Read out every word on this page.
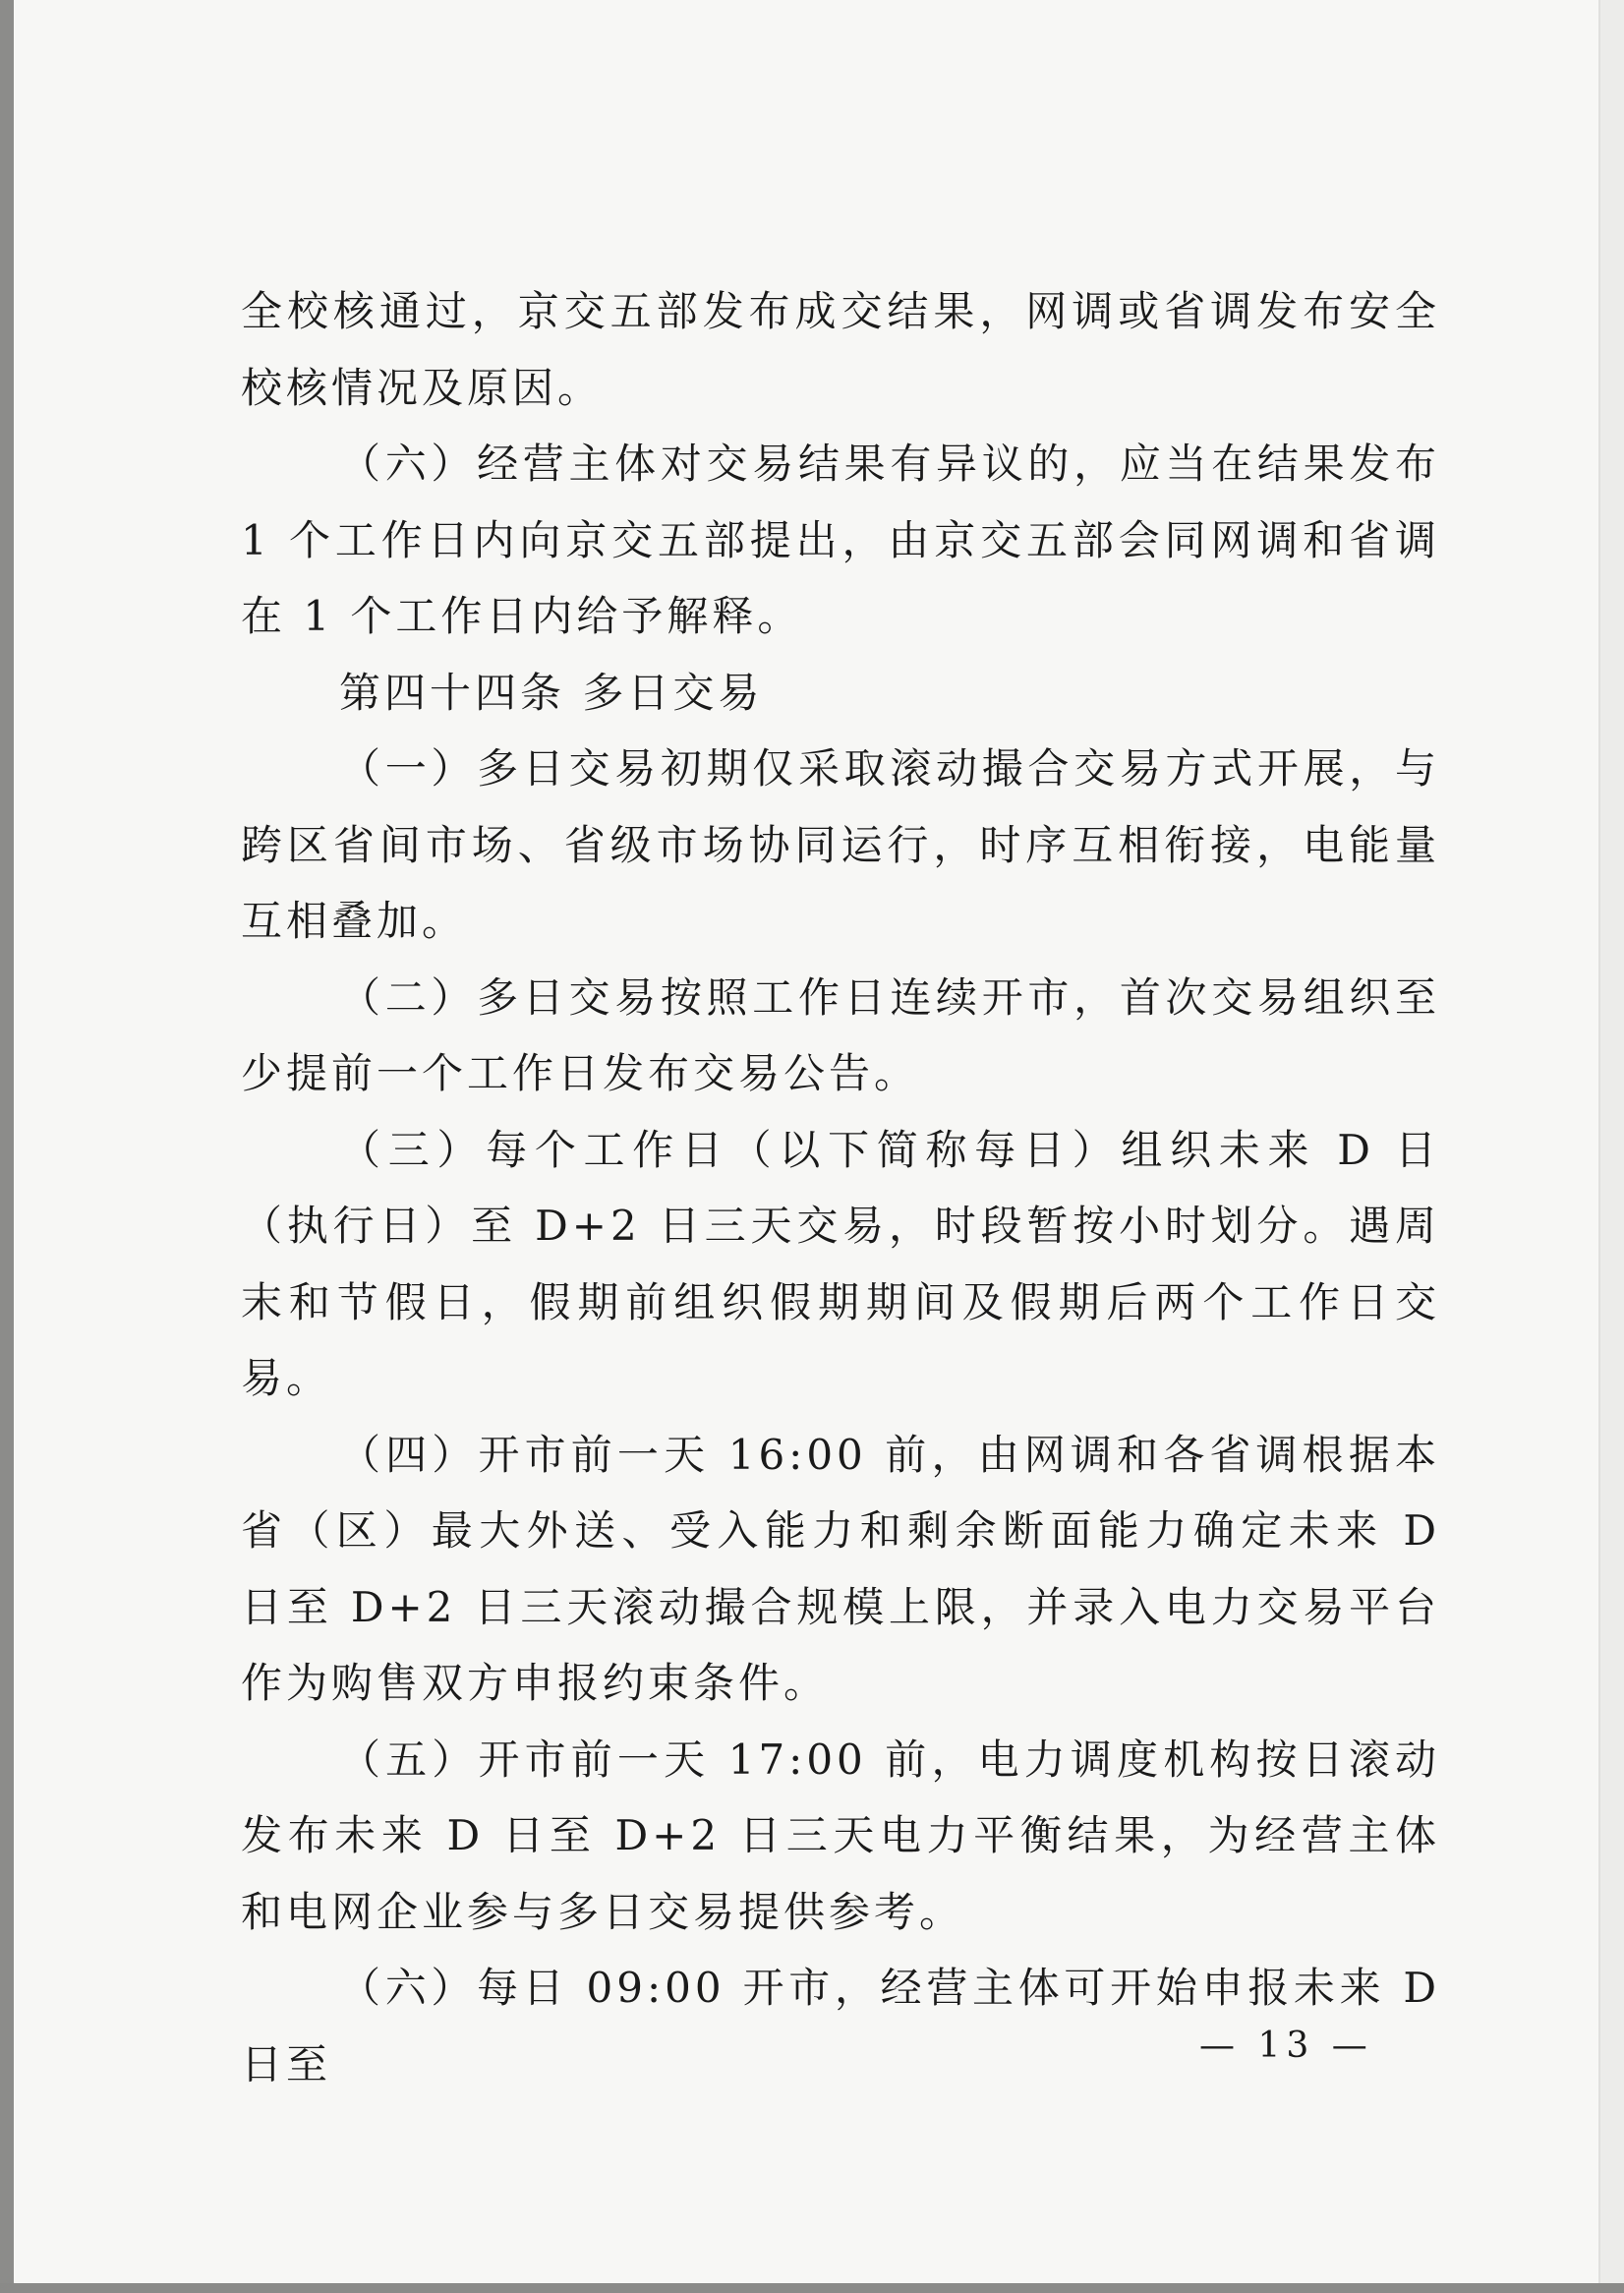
全校核通过，京交五部发布成交结果，网调或省调发布安全校核情况及原因。

（六）经营主体对交易结果有异议的，应当在结果发布 1 个工作日内向京交五部提出，由京交五部会同网调和省调在 1 个工作日内给予解释。

第四十四条 多日交易

（一）多日交易初期仅采取滚动撮合交易方式开展，与跨区省间市场、省级市场协同运行，时序互相衔接，电能量互相叠加。

（二）多日交易按照工作日连续开市，首次交易组织至少提前一个工作日发布交易公告。

（三）每个工作日（以下简称每日）组织未来 D 日（执行日）至 D+2 日三天交易，时段暂按小时划分。遇周末和节假日，假期前组织假期期间及假期后两个工作日交易。

（四）开市前一天 16:00 前，由网调和各省调根据本省（区）最大外送、受入能力和剩余断面能力确定未来 D 日至 D+2 日三天滚动撮合规模上限，并录入电力交易平台作为购售双方申报约束条件。

（五）开市前一天 17:00 前，电力调度机构按日滚动发布未来 D 日至 D+2 日三天电力平衡结果，为经营主体和电网企业参与多日交易提供参考。

（六）每日 09:00 开市，经营主体可开始申报未来 D 日至	— 13 —
